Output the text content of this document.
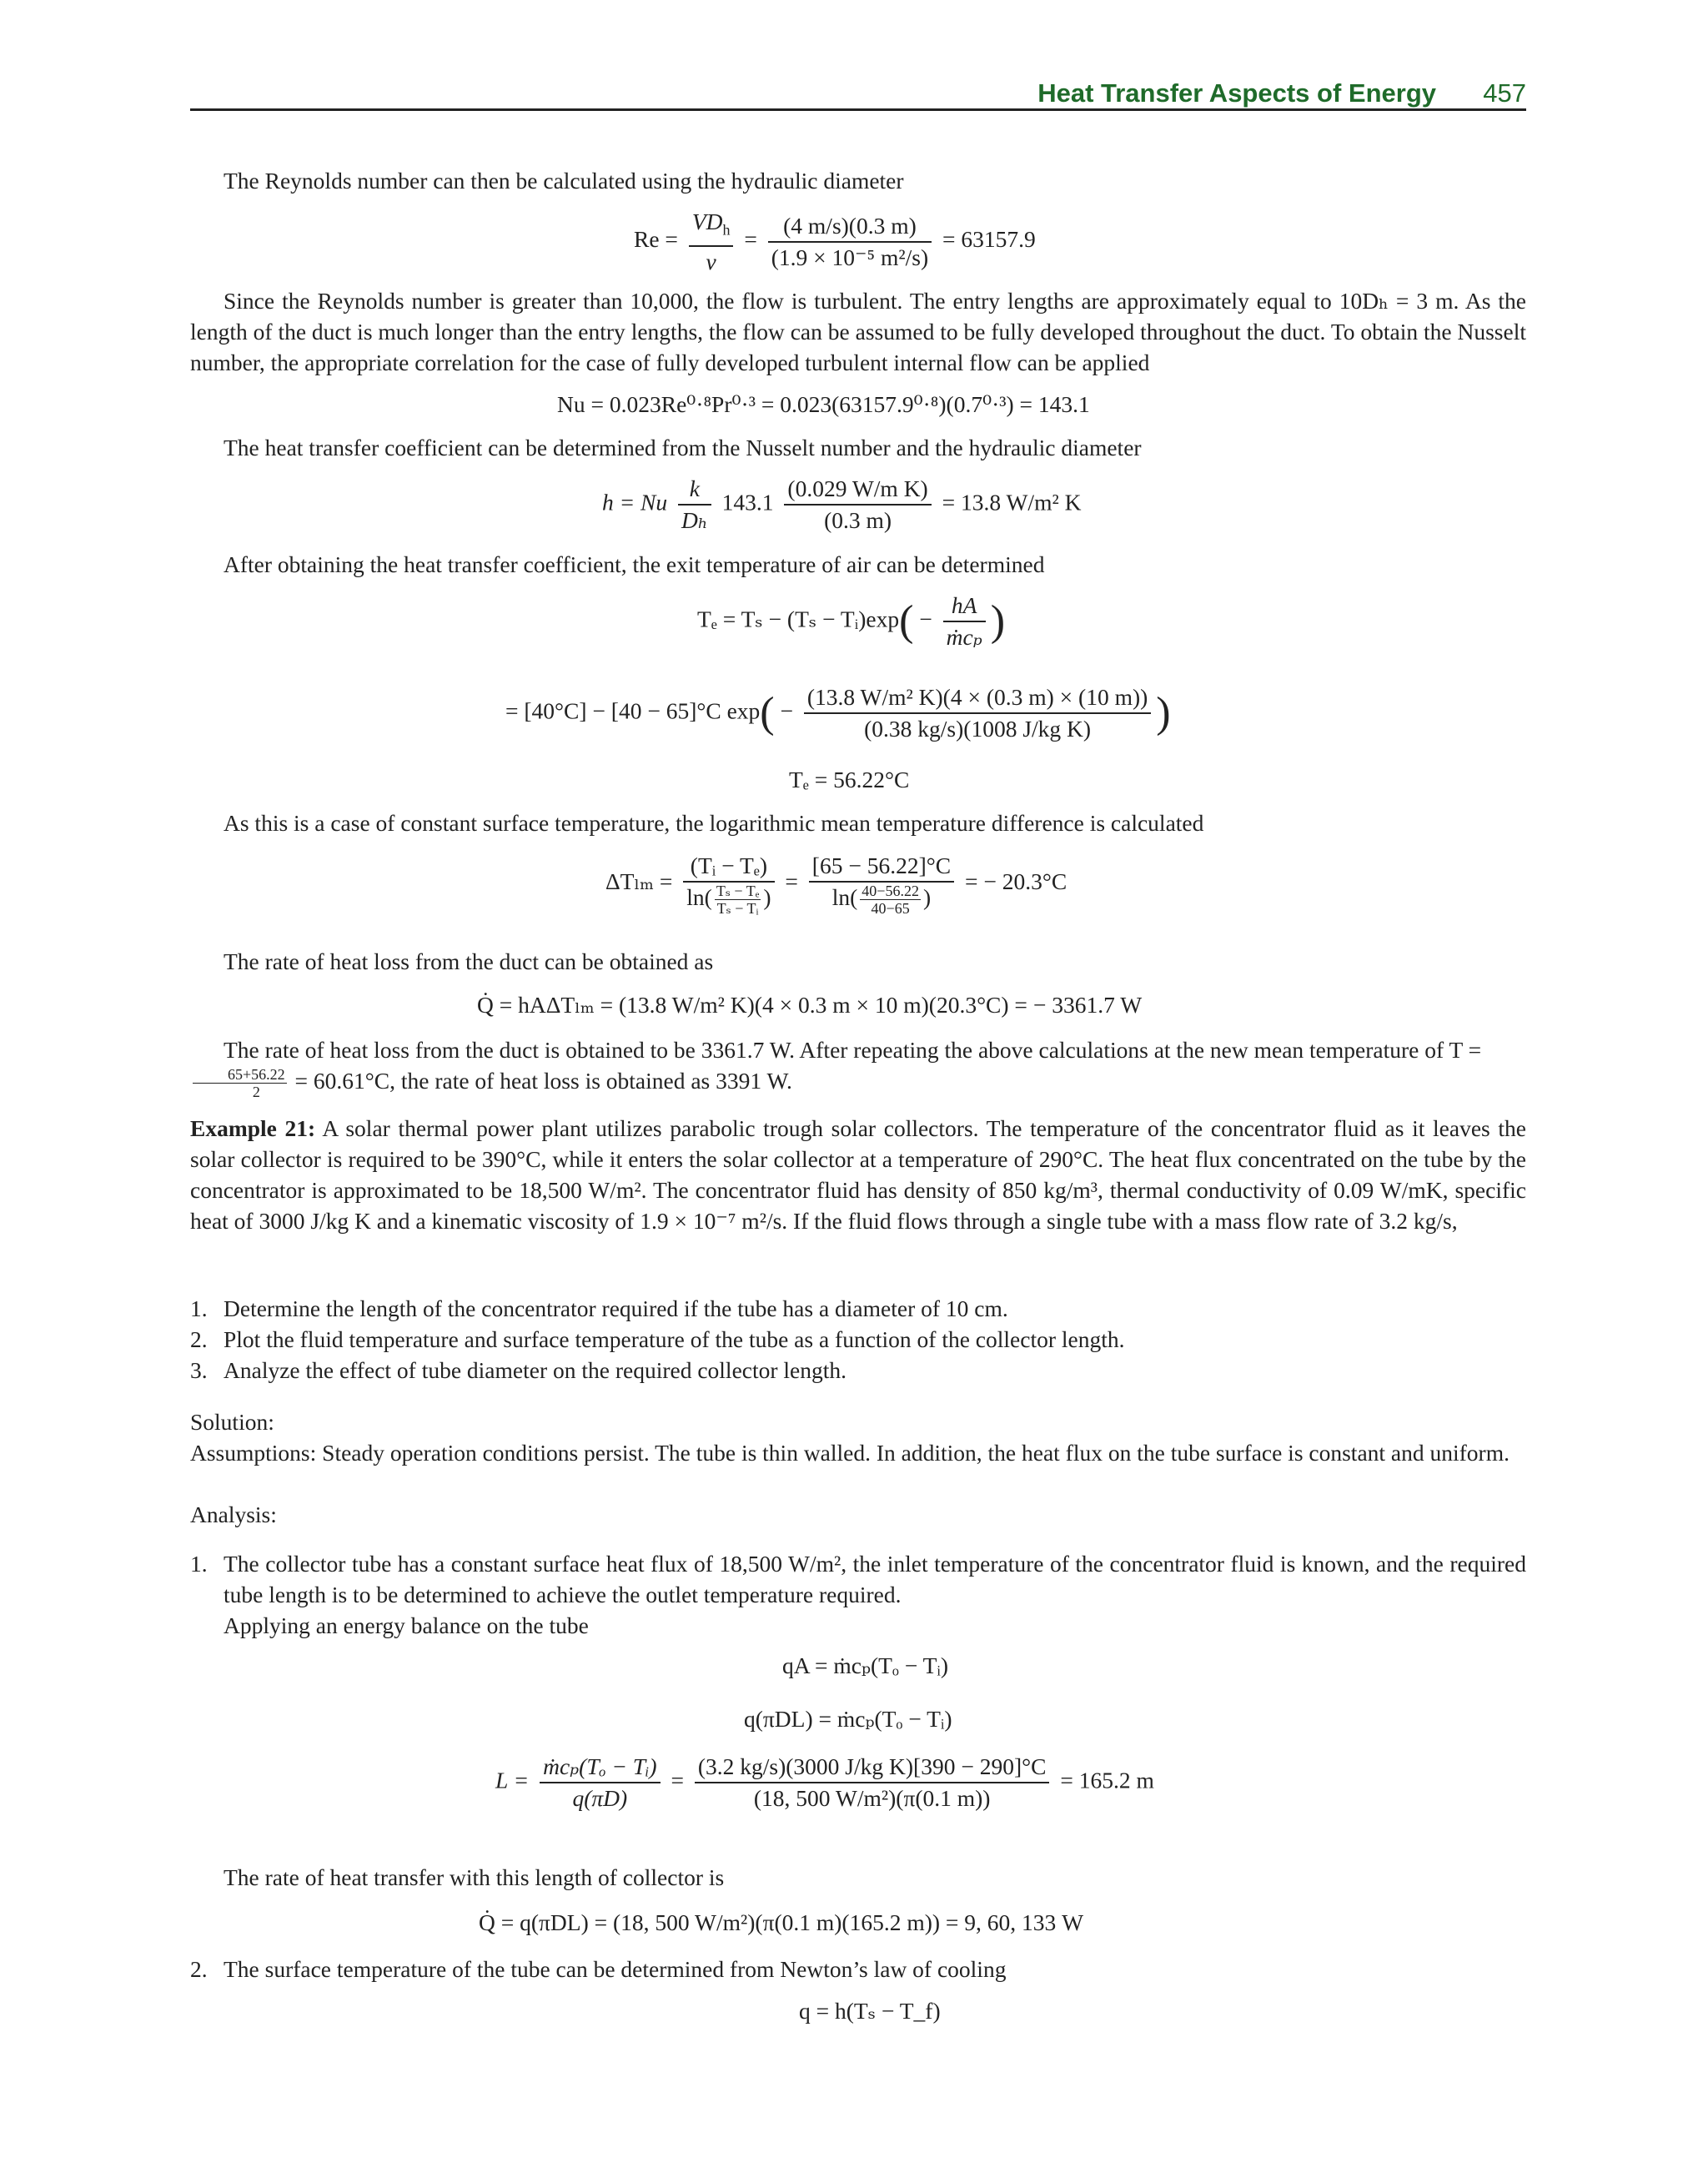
Heat Transfer Aspects of Energy 457
The Reynolds number can then be calculated using the hydraulic diameter
$Re = \frac{VD_h}{\nu} = \frac{(4 m/s)(0.3 m)}{\text{(1.9 × 10⁻⁵ m²/s)}} = 63157.9$
Since the Reynolds number is greater than 10,000, the flow is turbulent. The entry lengths are approximately equal to 10Dₕ = 3 m. As the length of the duct is much longer than the entry lengths, the flow can be assumed to be fully developed throughout the duct. To obtain the Nusselt number, the appropriate correlation for the case of fully developed turbulent internal flow can be applied
Nu = 0.023Re⁰·⁸Pr⁰·³ = 0.023(63157.9⁰·⁸)(0.7⁰·³) = 143.1
The heat transfer coefficient can be determined from the Nusselt number and the hydraulic diameter
h = Nu $\frac{k}{\text{Dₕ}} 143.1 \frac{\text{(0.029 W/m K)}}{(0.3 m)} = 13.8$ W/m² K
After obtaining the heat transfer coefficient, the exit temperature of air can be determined
Tₑ = Tₛ − (Tₛ − Tᵢ)exp( − $\frac{hA}{\text{ṁcₚ}}$ )
= [40°C] − [40 − 65]°C $\exp( - \frac{\text{(13.8 W/m² K)(4 × (0.3 m) × (10 m))}}{\text{(0.38 kg/s)(1008 J/kg K)}}$ )
Tₑ = 56.22°C
As this is a case of constant surface temperature, the logarithmic mean temperature difference is calculated
$\Delta T_{lm} = \frac{\text{(Tᵢ − Tₑ)}}{\ln( \frac{\text{Tₛ − Tₑ}}{\text{Tₛ − Tᵢ}} )} = \frac{[65 - 56.22]^\circ C}{\ln( \frac{40-56.22}{40-65} )}$ = − 20.3°C
The rate of heat loss from the duct can be obtained as
Q̇ = hAΔTₗₘ = (13.8 W/m² K)(4 × 0.3 m × 10 m)(20.3°C) = − 3361.7 W
The rate of heat loss from the duct is obtained to be 3361.7 W. After repeating the above calculations at the new mean temperature of T =
$\frac{65+56.22}{2} = 60.61^\circ C$, the rate of heat loss is obtained as 3391 W.
Example 21: A solar thermal power plant utilizes parabolic trough solar collectors. The temperature of the concentrator fluid as it leaves the solar collector is required to be 390°C, while it enters the solar collector at a temperature of 290°C. The heat flux concentrated on the tube by the concentrator is approximated to be 18,500 W/m². The concentrator fluid has density of 850 kg/m³, thermal conductivity of 0.09 W/mK, specific heat of 3000 J/kg K and a kinematic viscosity of 1.9 × 10⁻⁷ m²/s. If the fluid flows through a single tube with a mass flow rate of 3.2 kg/s,
1. Determine the length of the concentrator required if the tube has a diameter of 10 cm.
2. Plot the fluid temperature and surface temperature of the tube as a function of the collector length.
3. Analyze the effect of tube diameter on the required collector length.
Solution:
Assumptions: Steady operation conditions persist. The tube is thin walled. In addition, the heat flux on the tube surface is constant and uniform.
Analysis:
1. The collector tube has a constant surface heat flux of 18,500 W/m², the inlet temperature of the concentrator fluid is known, and the required tube length is to be determined to achieve the outlet temperature required.
Applying an energy balance on the tube
qA = ṁcₚ(Tₒ − Tᵢ)
q(πDL) = ṁcₚ(Tₒ − Tᵢ)
$L = \frac{\text{ṁcₚ(Tₒ − Tᵢ)}}{q(\pi D)} = \frac{\text{(3.2 kg/s)(3000 J/kg K)[390 − 290]°C}}{\text{(18, 500 W/m²)(π(0.1 m))}} = 165.2$ m
The rate of heat transfer with this length of collector is
Q̇ = q(πDL) = (18, 500 W/m²)(π(0.1 m)(165.2 m)) = 9, 60, 133 W
2. The surface temperature of the tube can be determined from Newton’s law of cooling
q = h(Tₛ − T_f)
